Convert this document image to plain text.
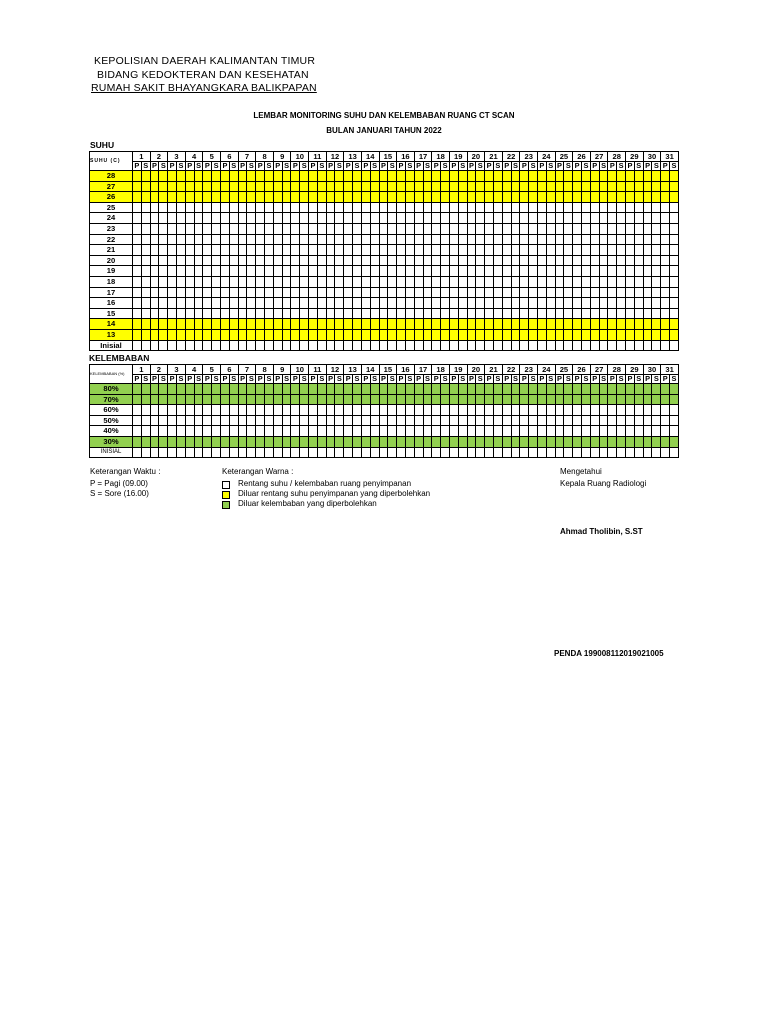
KEPOLISIAN DAERAH KALIMANTAN TIMUR
BIDANG KEDOKTERAN DAN KESEHATAN
RUMAH SAKIT BHAYANGKARA BALIKPAPAN
LEMBAR MONITORING SUHU DAN KELEMBABAN RUANG CT SCAN
BULAN JANUARI TAHUN 2022
SUHU
SUHU (C)	1		2		3		4		5		6		7		8		9		10		11		12		13		14		15		16		17		18		19		20		21		22		23		24		25		26		27		28		29		30		31	
	P	S	P	S	P	S	P	S	P	S	P	S	P	S	P	S	P	S	P	S	P	S	P	S	P	S	P	S	P	S	P	S	P	S	P	S	P	S	P	S	P	S	P	S	P	S	P	S	P	S	P	S	P	S	P	S	P	S	P	S	P	S
28																																																														
27																																																														
26																																																														
25																																																														
24																																																														
23																																																														
22																																																														
21																																																														
20																																																														
19																																																														
18																																																														
17																																																														
16																																																														
15																																																														
14																																																														
13																																																														
Inisial																																																														
KELEMBABAN
KELEMBABAN (%)	1		2		3		4		5		6		7		8		9		10		11		12		13		14		15		16		17		18		19		20		21		22		23		24		25		26		27		28		29		30		31	
	P	S	P	S	P	S	P	S	P	S	P	S	P	S	P	S	P	S	P	S	P	S	P	S	P	S	P	S	P	S	P	S	P	S	P	S	P	S	P	S	P	S	P	S	P	S	P	S	P	S	P	S	P	S	P	S	P	S	P	S	P	S
80%																																																														
70%																																																														
60%																																																														
50%																																																														
40%																																																														
30%																																																														
INISIAL																																																														
Keterangan Waktu :
P = Pagi (09.00)
S = Sore (16.00)
Keterangan Warna :
Rentang suhu / kelembaban ruang penyimpanan
Diluar rentang suhu penyimpanan yang diperbolehkan
Diluar kelembaban yang diperbolehkan
Mengetahui
Kepala Ruang Radiologi
Ahmad Tholibin, S.ST
PENDA 199008112019021005
